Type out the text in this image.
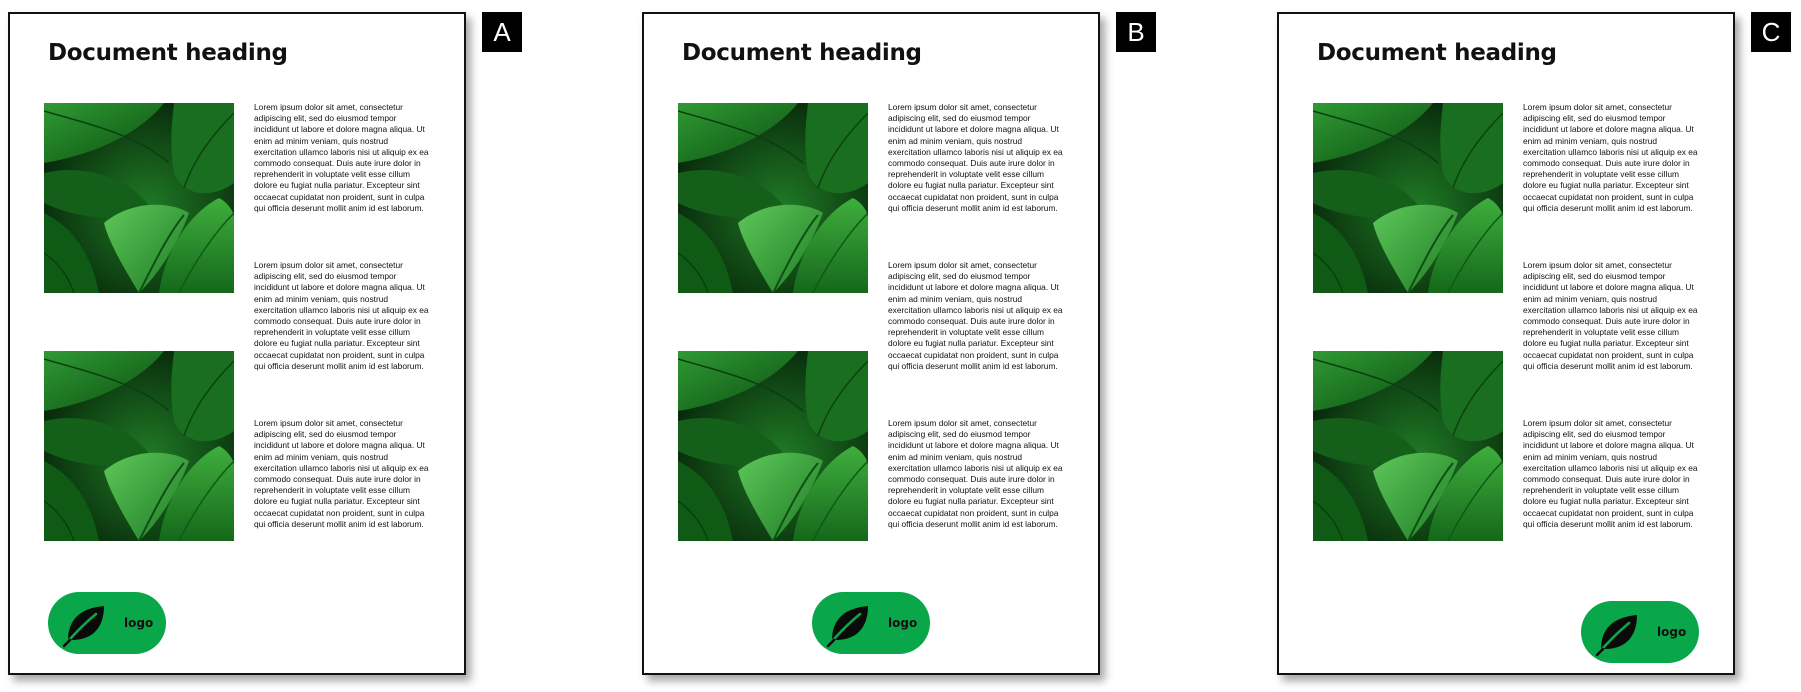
Document heading

Lorem ipsum dolor sit amet, consectetur adipiscing elit, sed do eiusmod tempor incididunt ut labore et dolore magna aliqua. Ut enim ad minim veniam, quis nostrud exercitation ullamco laboris nisi ut aliquip ex ea commodo consequat. Duis aute irure dolor in reprehenderit in voluptate velit esse cillum dolore eu fugiat nulla pariatur. Excepteur sint occaecat cupidatat non proident, sunt in culpa qui officia deserunt mollit anim id est laborum.

Lorem ipsum dolor sit amet, consectetur adipiscing elit, sed do eiusmod tempor incididunt ut labore et dolore magna aliqua. Ut enim ad minim veniam, quis nostrud exercitation ullamco laboris nisi ut aliquip ex ea commodo consequat. Duis aute irure dolor in reprehenderit in voluptate velit esse cillum dolore eu fugiat nulla pariatur. Excepteur sint occaecat cupidatat non proident, sunt in culpa qui officia deserunt mollit anim id est laborum.

Lorem ipsum dolor sit amet, consectetur adipiscing elit, sed do eiusmod tempor incididunt ut labore et dolore magna aliqua. Ut enim ad minim veniam, quis nostrud exercitation ullamco laboris nisi ut aliquip ex ea commodo consequat. Duis aute irure dolor in reprehenderit in voluptate velit esse cillum dolore eu fugiat nulla pariatur. Excepteur sint occaecat cupidatat non proident, sunt in culpa qui officia deserunt mollit anim id est laborum.

logo
A
Document heading

Lorem ipsum dolor sit amet, consectetur adipiscing elit, sed do eiusmod tempor incididunt ut labore et dolore magna aliqua. Ut enim ad minim veniam, quis nostrud exercitation ullamco laboris nisi ut aliquip ex ea commodo consequat. Duis aute irure dolor in reprehenderit in voluptate velit esse cillum dolore eu fugiat nulla pariatur. Excepteur sint occaecat cupidatat non proident, sunt in culpa qui officia deserunt mollit anim id est laborum.

Lorem ipsum dolor sit amet, consectetur adipiscing elit, sed do eiusmod tempor incididunt ut labore et dolore magna aliqua. Ut enim ad minim veniam, quis nostrud exercitation ullamco laboris nisi ut aliquip ex ea commodo consequat. Duis aute irure dolor in reprehenderit in voluptate velit esse cillum dolore eu fugiat nulla pariatur. Excepteur sint occaecat cupidatat non proident, sunt in culpa qui officia deserunt mollit anim id est laborum.

Lorem ipsum dolor sit amet, consectetur adipiscing elit, sed do eiusmod tempor incididunt ut labore et dolore magna aliqua. Ut enim ad minim veniam, quis nostrud exercitation ullamco laboris nisi ut aliquip ex ea commodo consequat. Duis aute irure dolor in reprehenderit in voluptate velit esse cillum dolore eu fugiat nulla pariatur. Excepteur sint occaecat cupidatat non proident, sunt in culpa qui officia deserunt mollit anim id est laborum.

logo
B
Document heading

Lorem ipsum dolor sit amet, consectetur adipiscing elit, sed do eiusmod tempor incididunt ut labore et dolore magna aliqua. Ut enim ad minim veniam, quis nostrud exercitation ullamco laboris nisi ut aliquip ex ea commodo consequat. Duis aute irure dolor in reprehenderit in voluptate velit esse cillum dolore eu fugiat nulla pariatur. Excepteur sint occaecat cupidatat non proident, sunt in culpa qui officia deserunt mollit anim id est laborum.

Lorem ipsum dolor sit amet, consectetur adipiscing elit, sed do eiusmod tempor incididunt ut labore et dolore magna aliqua. Ut enim ad minim veniam, quis nostrud exercitation ullamco laboris nisi ut aliquip ex ea commodo consequat. Duis aute irure dolor in reprehenderit in voluptate velit esse cillum dolore eu fugiat nulla pariatur. Excepteur sint occaecat cupidatat non proident, sunt in culpa qui officia deserunt mollit anim id est laborum.

Lorem ipsum dolor sit amet, consectetur adipiscing elit, sed do eiusmod tempor incididunt ut labore et dolore magna aliqua. Ut enim ad minim veniam, quis nostrud exercitation ullamco laboris nisi ut aliquip ex ea commodo consequat. Duis aute irure dolor in reprehenderit in voluptate velit esse cillum dolore eu fugiat nulla pariatur. Excepteur sint occaecat cupidatat non proident, sunt in culpa qui officia deserunt mollit anim id est laborum.

logo
C
